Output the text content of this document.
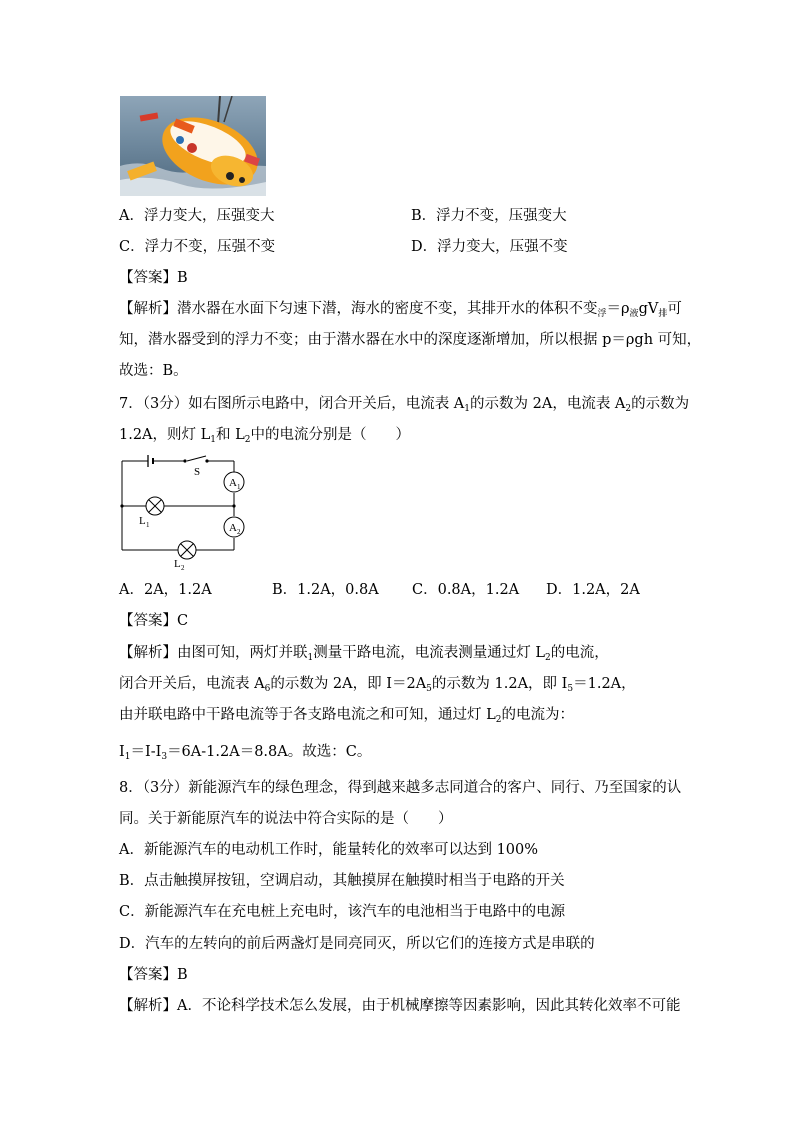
A．浮力变大，压强变大	B．浮力不变，压强变大
C．浮力不变，压强不变	D．浮力变大，压强不变
【答案】B
【解析】潜水器在水面下匀速下潜，海水的密度不变，其排开水的体积不变$_浮=\rho_液gV_排$可
知，潜水器受到的浮力不变；由于潜水器在水中的深度逐渐增加，所以根据 p＝ρgh 可知，
故选：B。
7．（3分）如右图所示电路中，闭合开关后，电流表 $A_1$的示数为 2A，电流表 $A_2$的示数为
1.2A，则灯 $L_1$和 $L_2$中的电流分别是（　　）
A 1
A 2
S
L 1
L 2
A．2A，1.2A	B．1.2A，0.8A C．0.8A，1.2A D．1.2A，2A
【答案】C
【解析】由图可知，两灯并联$_1$测量干路电流，电流表测量通过灯 $L_2$的电流，
闭合开关后，电流表 $A_6$的示数为 2A，即 $I=2A_5$的示数为 1.2A，即 $I_5=1.2A$，
由并联电路中干路电流等于各支路电流之和可知，通过灯 $L_2$的电流为：
$I_1=I-I_3=6A-1.2A=8.8A$。故选：C。
8．（3分）新能源汽车的绿色理念，得到越来越多志同道合的客户、同行、乃至国家的认
同。关于新能原汽车的说法中符合实际的是（　　）
A．新能源汽车的电动机工作时，能量转化的效率可以达到 100%
B．点击触摸屏按钮，空调启动，其触摸屏在触摸时相当于电路的开关
C．新能源汽车在充电桩上充电时，该汽车的电池相当于电路中的电源
D．汽车的左转向的前后两盏灯是同亮同灭，所以它们的连接方式是串联的
【答案】B
【解析】A．不论科学技术怎么发展，由于机械摩擦等因素影响，因此其转化效率不可能
